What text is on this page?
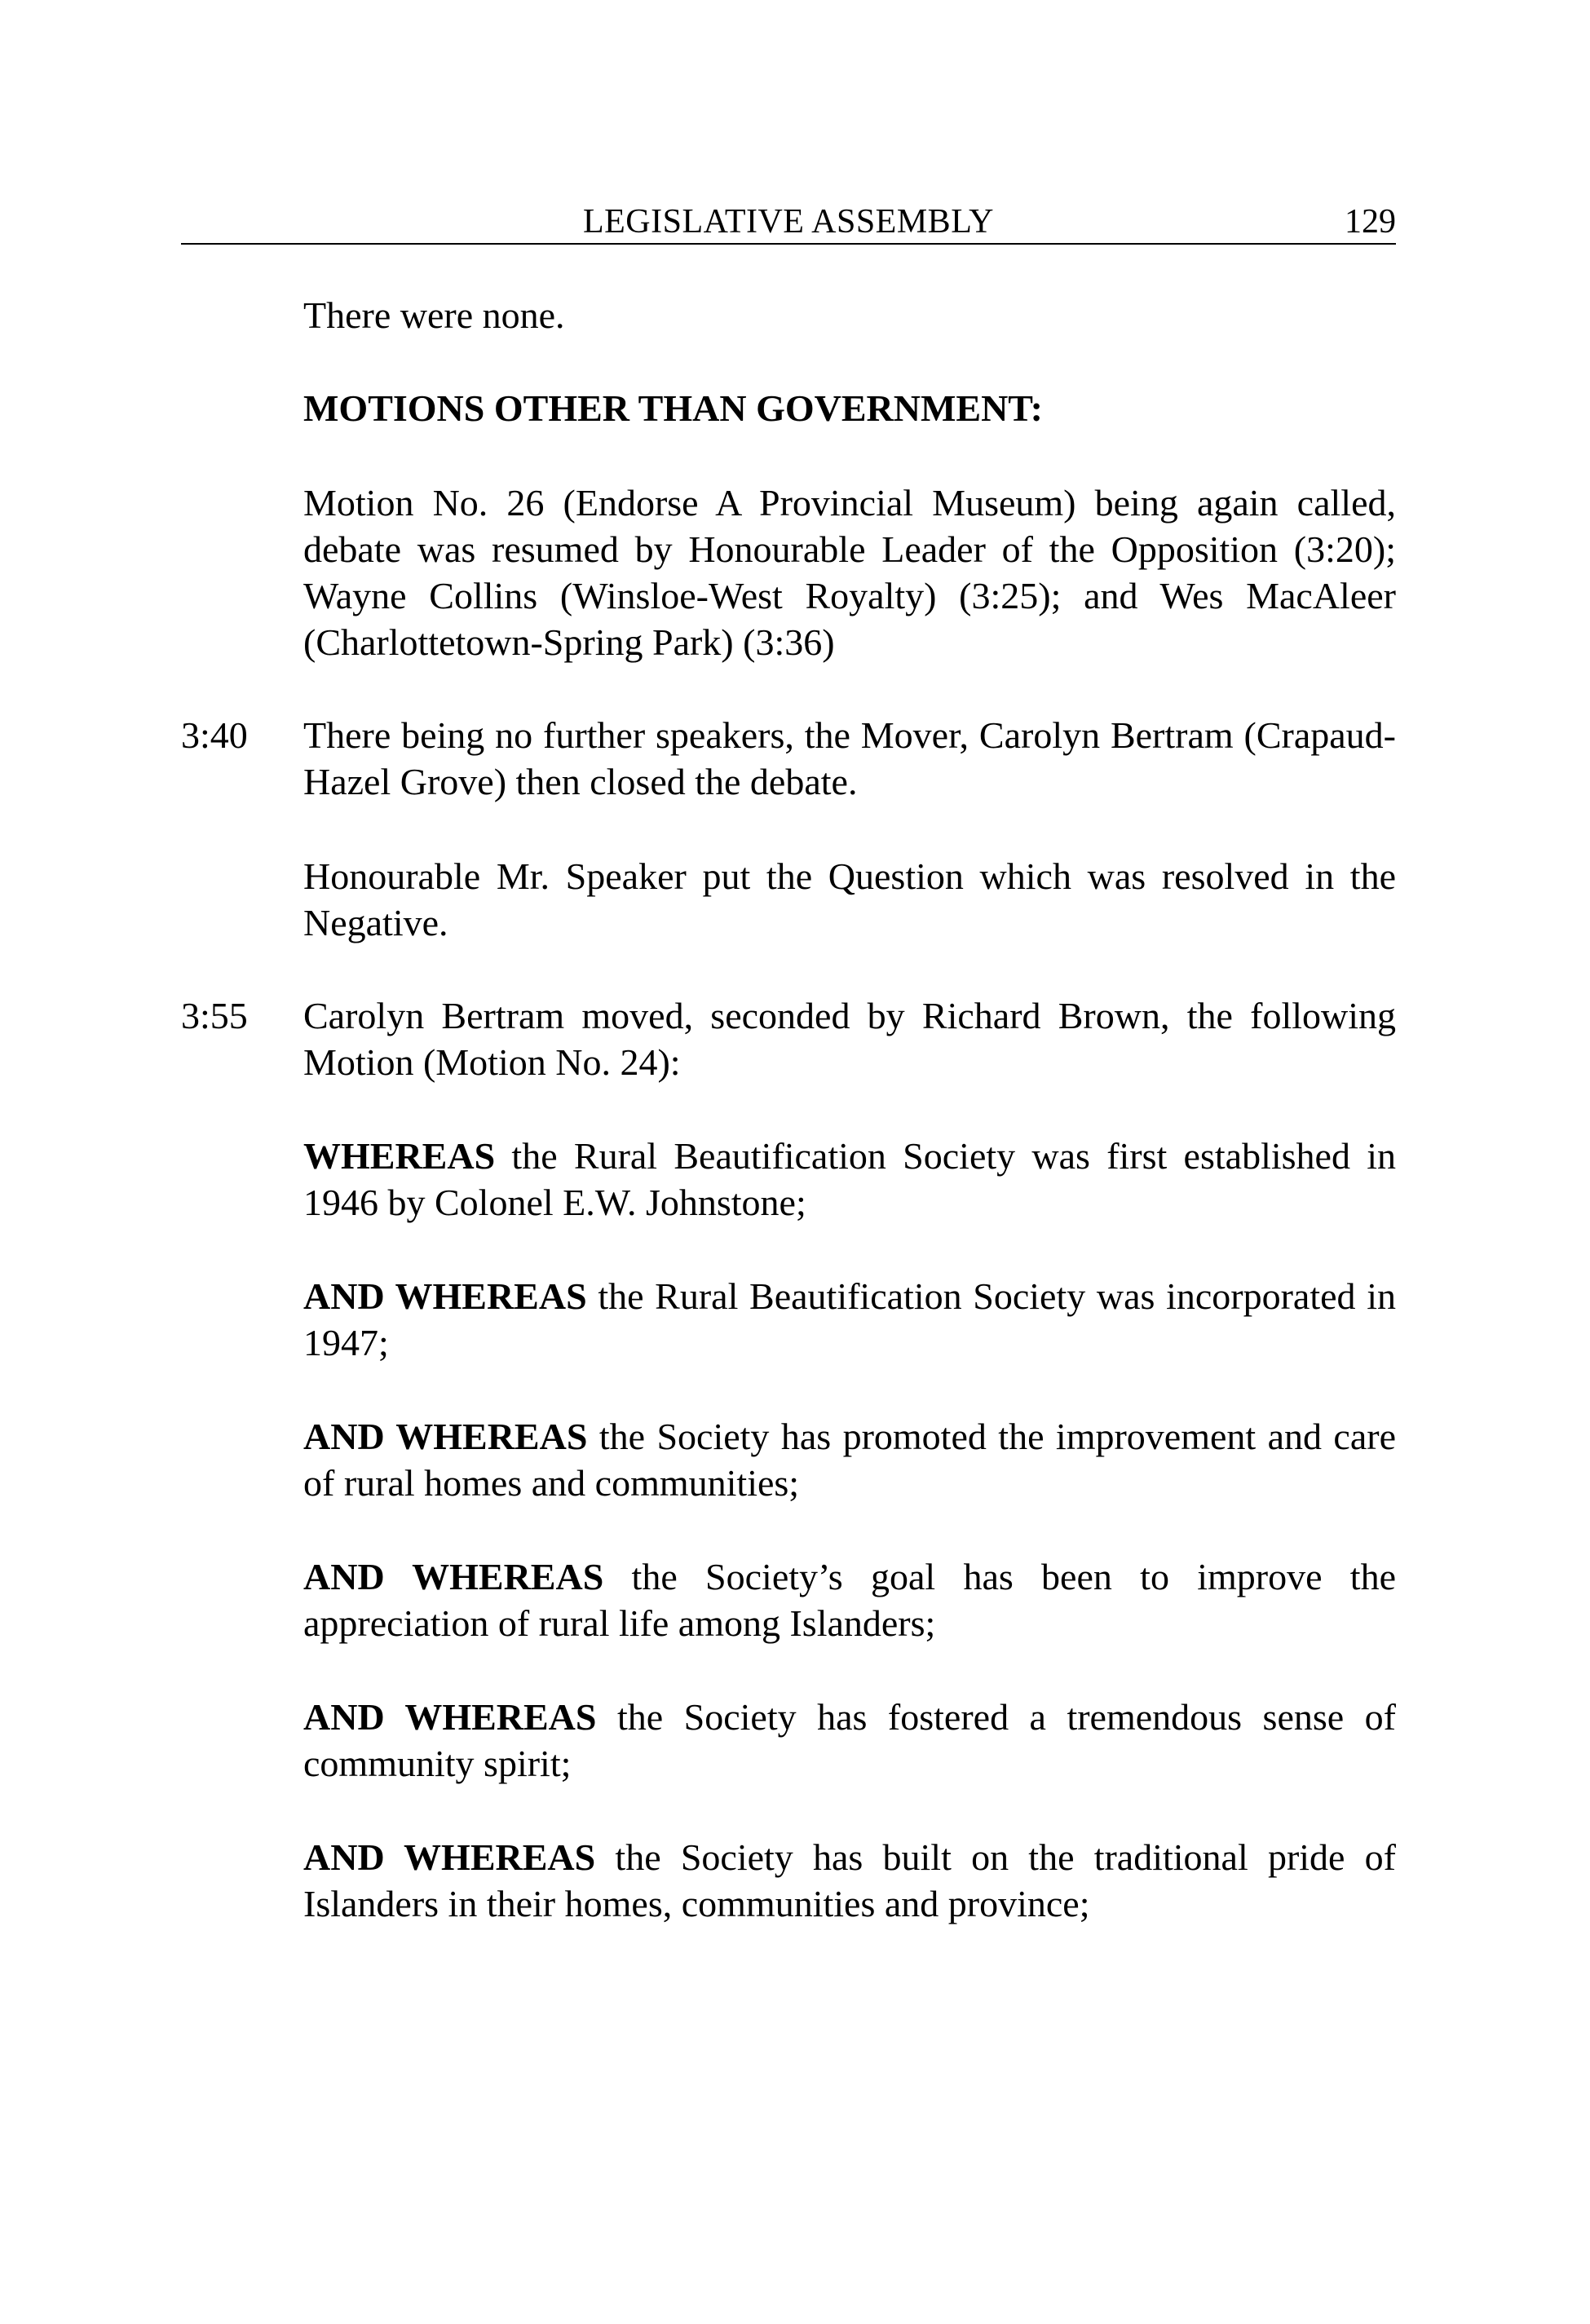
LEGISLATIVE ASSEMBLY	129
There were none.
MOTIONS OTHER THAN GOVERNMENT:
Motion No. 26 (Endorse A Provincial Museum) being again called, debate was resumed by Honourable Leader of the Opposition (3:20); Wayne Collins (Winsloe-West Royalty) (3:25); and Wes MacAleer (Charlottetown-Spring Park) (3:36)
3:40 There being no further speakers, the Mover, Carolyn Bertram (Crapaud-Hazel Grove) then closed the debate.
Honourable Mr. Speaker put the Question which was resolved in the Negative.
3:55 Carolyn Bertram moved, seconded by Richard Brown, the following Motion (Motion No. 24):
WHEREAS the Rural Beautification Society was first established in 1946 by Colonel E.W. Johnstone;
AND WHEREAS the Rural Beautification Society was incorporated in 1947;
AND WHEREAS the Society has promoted the improvement and care of rural homes and communities;
AND WHEREAS the Society’s goal has been to improve the appreciation of rural life among Islanders;
AND WHEREAS the Society has fostered a tremendous sense of community spirit;
AND WHEREAS the Society has built on the traditional pride of Islanders in their homes, communities and province;
